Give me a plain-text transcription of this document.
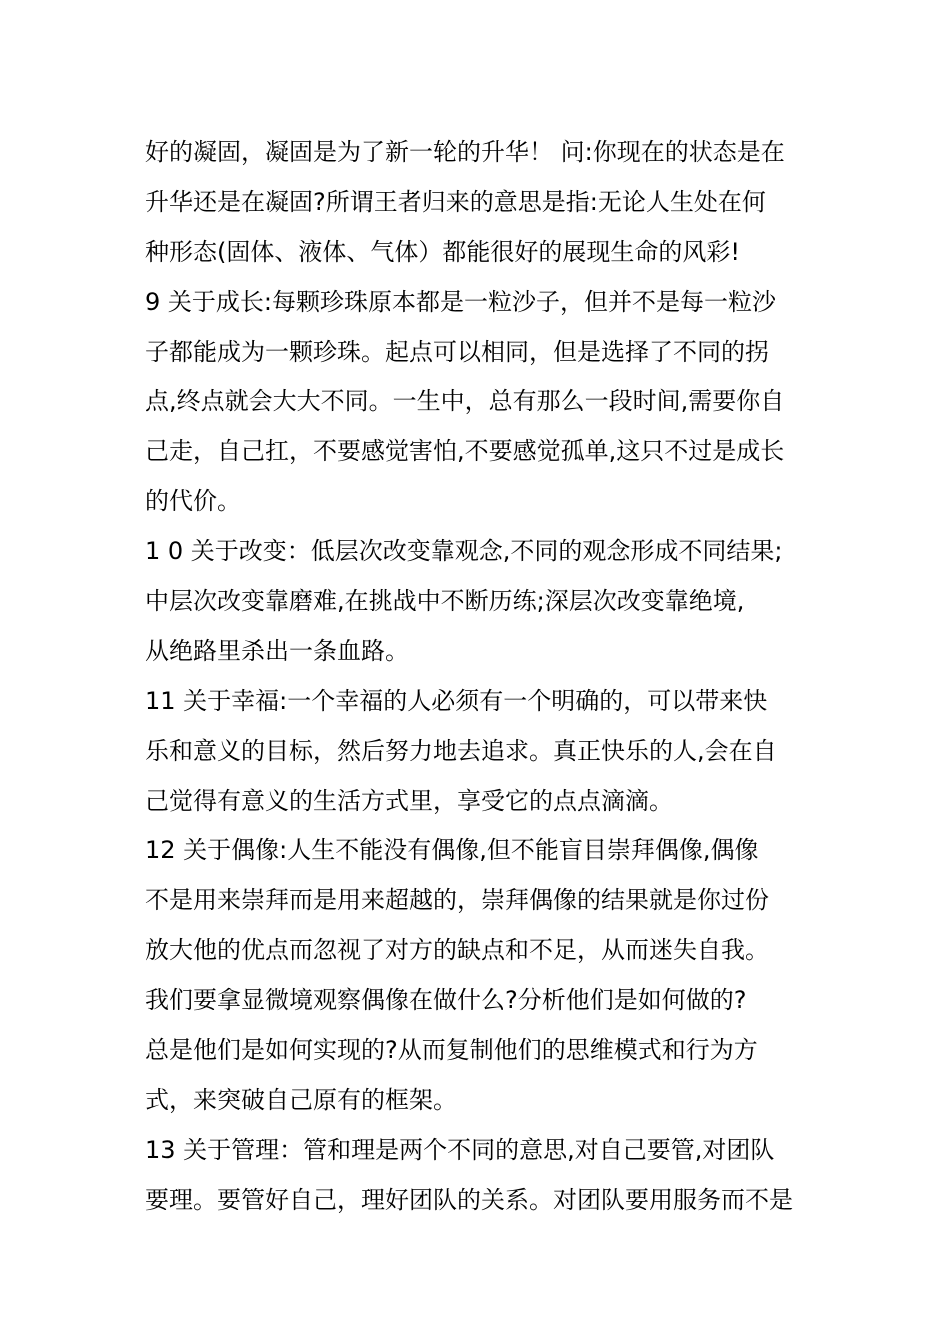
好的凝固，凝固是为了新一轮的升华！ 问:你现在的状态是在
升华还是在凝固?所谓王者归来的意思是指:无论人生处在何
种形态(固体、液体、气体）都能很好的展现生命的风彩!
9 关于成长:每颗珍珠原本都是一粒沙子，但并不是每一粒沙
子都能成为一颗珍珠。起点可以相同，但是选择了不同的拐
点,终点就会大大不同。一生中，总有那么一段时间,需要你自
己走，自己扛，不要感觉害怕,不要感觉孤单,这只不过是成长
的代价。
1 0 关于改变：低层次改变靠观念,不同的观念形成不同结果;
中层次改变靠磨难,在挑战中不断历练;深层次改变靠绝境,
从绝路里杀出一条血路。
11 关于幸福:一个幸福的人必须有一个明确的，可以带来快
乐和意义的目标，然后努力地去追求。真正快乐的人,会在自
己觉得有意义的生活方式里，享受它的点点滴滴。
12 关于偶像:人生不能没有偶像,但不能盲目崇拜偶像,偶像
不是用来崇拜而是用来超越的，崇拜偶像的结果就是你过份
放大他的优点而忽视了对方的缺点和不足，从而迷失自我。
我们要拿显微境观察偶像在做什么?分析他们是如何做的?
总是他们是如何实现的?从而复制他们的思维模式和行为方
式，来突破自己原有的框架。
13 关于管理：管和理是两个不同的意思,对自己要管,对团队
要理。要管好自己，理好团队的关系。对团队要用服务而不是
